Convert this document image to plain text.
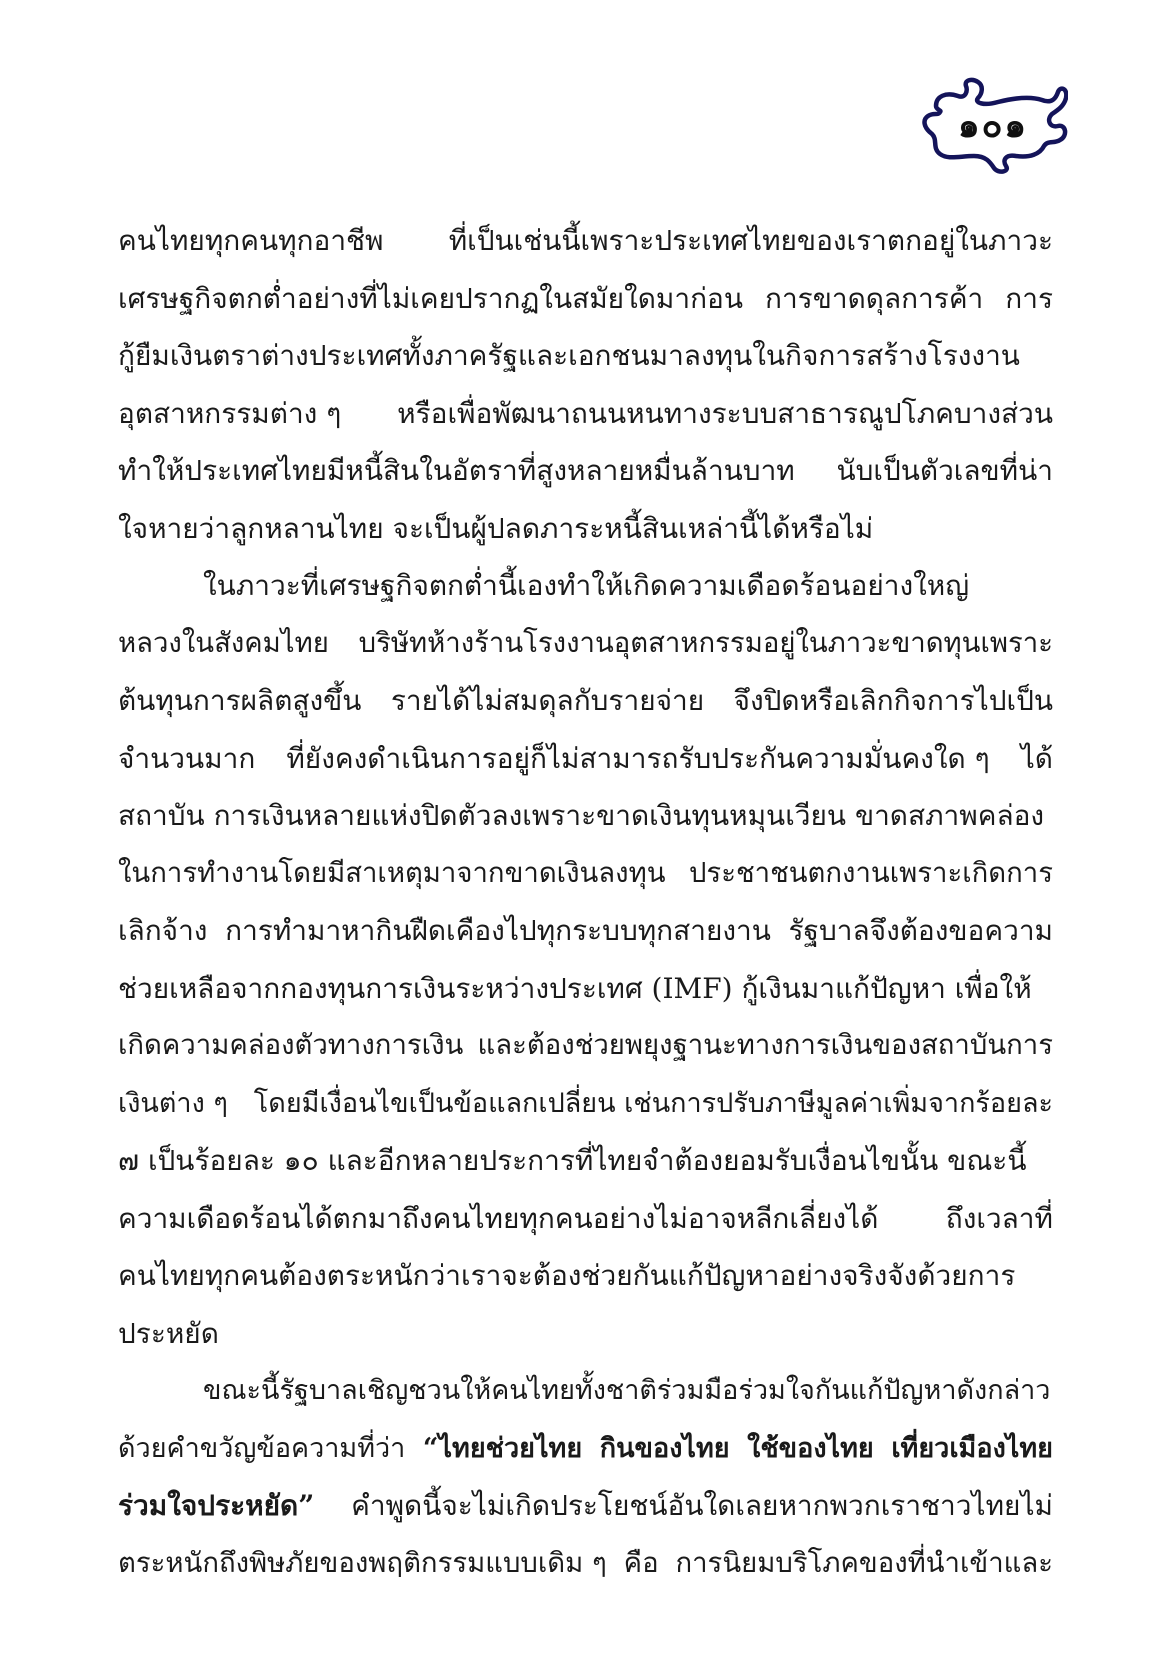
๑๐๑
คนไทยทุกคนทุกอาชีพ ที่เป็นเช่นนี้เพราะประเทศไทยของเราตกอยู่ในภาวะ
เศรษฐกิจตกต่ำอย่างที่ไม่เคยปรากฏในสมัยใดมาก่อน การขาดดุลการค้า การ
กู้ยืมเงินตราต่างประเทศทั้งภาครัฐและเอกชนมาลงทุนในกิจการสร้างโรงงาน
อุตสาหกรรมต่าง ๆ หรือเพื่อพัฒนาถนนหนทางระบบสาธารณูปโภคบางส่วน
ทำให้ประเทศไทยมีหนี้สินในอัตราที่สูงหลายหมื่นล้านบาท นับเป็นตัวเลขที่น่า
ใจหายว่าลูกหลานไทย จะเป็นผู้ปลดภาระหนี้สินเหล่านี้ได้หรือไม่
ในภาวะที่เศรษฐกิจตกต่ำนี้เองทำให้เกิดความเดือดร้อนอย่างใหญ่
หลวงในสังคมไทย บริษัทห้างร้านโรงงานอุตสาหกรรมอยู่ในภาวะขาดทุนเพราะ
ต้นทุนการผลิตสูงขึ้น รายได้ไม่สมดุลกับรายจ่าย จึงปิดหรือเลิกกิจการไปเป็น
จำนวนมาก ที่ยังคงดำเนินการอยู่ก็ไม่สามารถรับประกันความมั่นคงใด ๆ ได้
สถาบัน การเงินหลายแห่งปิดตัวลงเพราะขาดเงินทุนหมุนเวียน ขาดสภาพคล่อง
ในการทำงานโดยมีสาเหตุมาจากขาดเงินลงทุน ประชาชนตกงานเพราะเกิดการ
เลิกจ้าง การทำมาหากินฝืดเคืองไปทุกระบบทุกสายงาน รัฐบาลจึงต้องขอความ
ช่วยเหลือจากกองทุนการเงินระหว่างประเทศ (IMF) กู้เงินมาแก้ปัญหา เพื่อให้
เกิดความคล่องตัวทางการเงิน และต้องช่วยพยุงฐานะทางการเงินของสถาบันการ
เงินต่าง ๆ โดยมีเงื่อนไขเป็นข้อแลกเปลี่ยน เช่นการปรับภาษีมูลค่าเพิ่มจากร้อยละ
๗ เป็นร้อยละ ๑๐ และอีกหลายประการที่ไทยจำต้องยอมรับเงื่อนไขนั้น ขณะนี้
ความเดือดร้อนได้ตกมาถึงคนไทยทุกคนอย่างไม่อาจหลีกเลี่ยงได้ ถึงเวลาที่
คนไทยทุกคนต้องตระหนักว่าเราจะต้องช่วยกันแก้ปัญหาอย่างจริงจังด้วยการ
ประหยัด
ขณะนี้รัฐบาลเชิญชวนให้คนไทยทั้งชาติร่วมมือร่วมใจกันแก้ปัญหาดังกล่าว
ด้วยคำขวัญข้อความที่ว่า “ไทยช่วยไทย กินของไทย ใช้ของไทย เที่ยวเมืองไทย
ร่วมใจประหยัด” คำพูดนี้จะไม่เกิดประโยชน์อันใดเลยหากพวกเราชาวไทยไม่
ตระหนักถึงพิษภัยของพฤติกรรมแบบเดิม ๆ คือ การนิยมบริโภคของที่นำเข้าและ
